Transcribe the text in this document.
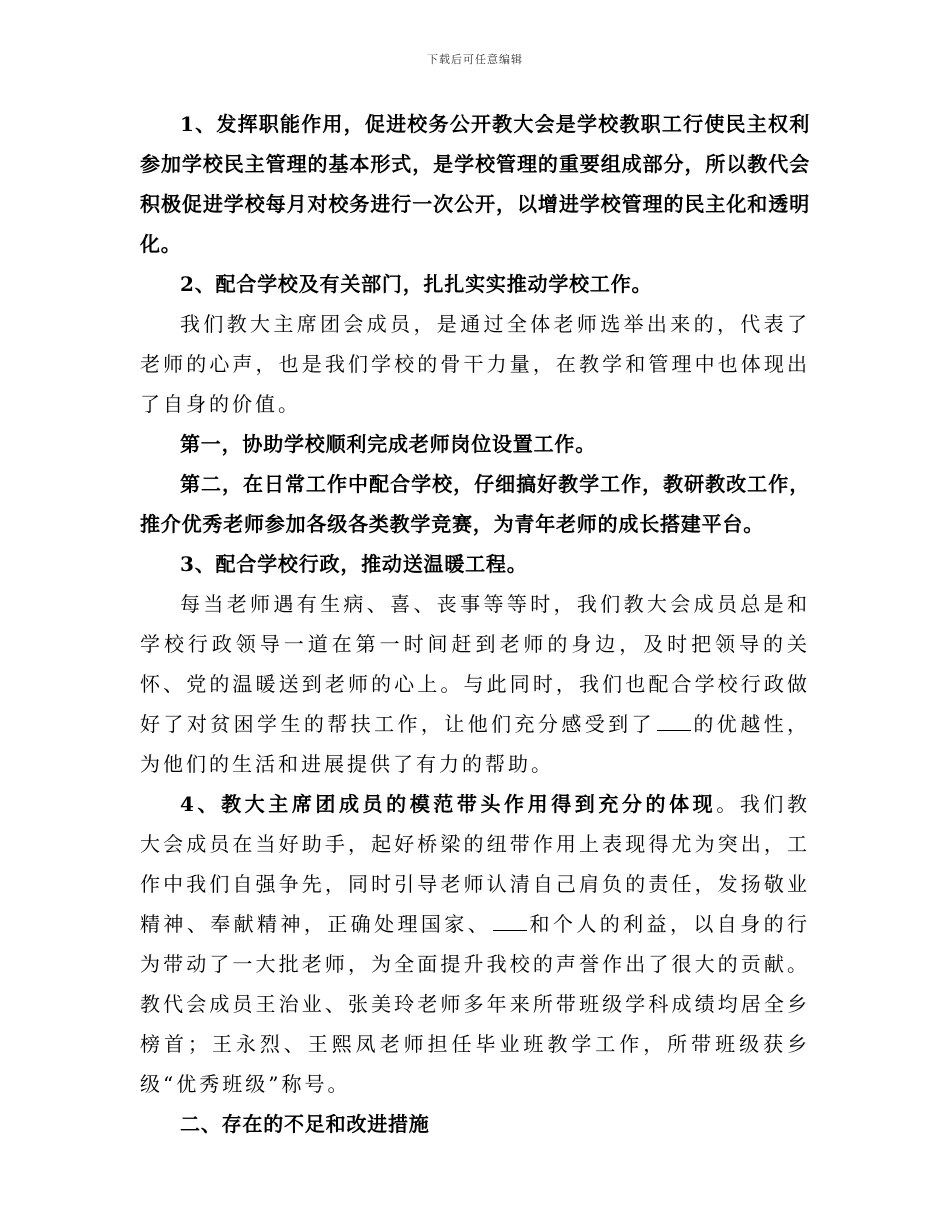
下载后可任意编辑

1、发挥职能作用，促进校务公开教大会是学校教职工行使民主权利参加学校民主管理的基本形式，是学校管理的重要组成部分，所以教代会积极促进学校每月对校务进行一次公开，以增进学校管理的民主化和透明化。

2、配合学校及有关部门，扎扎实实推动学校工作。

我们教大主席团会成员，是通过全体老师选举出来的，代表了老师的心声，也是我们学校的骨干力量，在教学和管理中也体现出了自身的价值。

第一，协助学校顺利完成老师岗位设置工作。

第二，在日常工作中配合学校，仔细搞好教学工作，教研教改工作，推介优秀老师参加各级各类教学竞赛，为青年老师的成长搭建平台。

3、配合学校行政，推动送温暖工程。

每当老师遇有生病、喜、丧事等等时，我们教大会成员总是和学校行政领导一道在第一时间赶到老师的身边，及时把领导的关怀、党的温暖送到老师的心上。与此同时，我们也配合学校行政做好了对贫困学生的帮扶工作，让他们充分感受到了 的优越性，为他们的生活和进展提供了有力的帮助。

4、教大主席团成员的模范带头作用得到充分的体现。我们教大会成员在当好助手，起好桥梁的纽带作用上表现得尤为突出，工作中我们自强争先，同时引导老师认清自己肩负的责任，发扬敬业精神、奉献精神，正确处理国家、 和个人的利益，以自身的行为带动了一大批老师，为全面提升我校的声誉作出了很大的贡献。教代会成员王治业、张美玲老师多年来所带班级学科成绩均居全乡榜首；王永烈、王熙凤老师担任毕业班教学工作，所带班级获乡级“优秀班级”称号。

二、存在的不足和改进措施
